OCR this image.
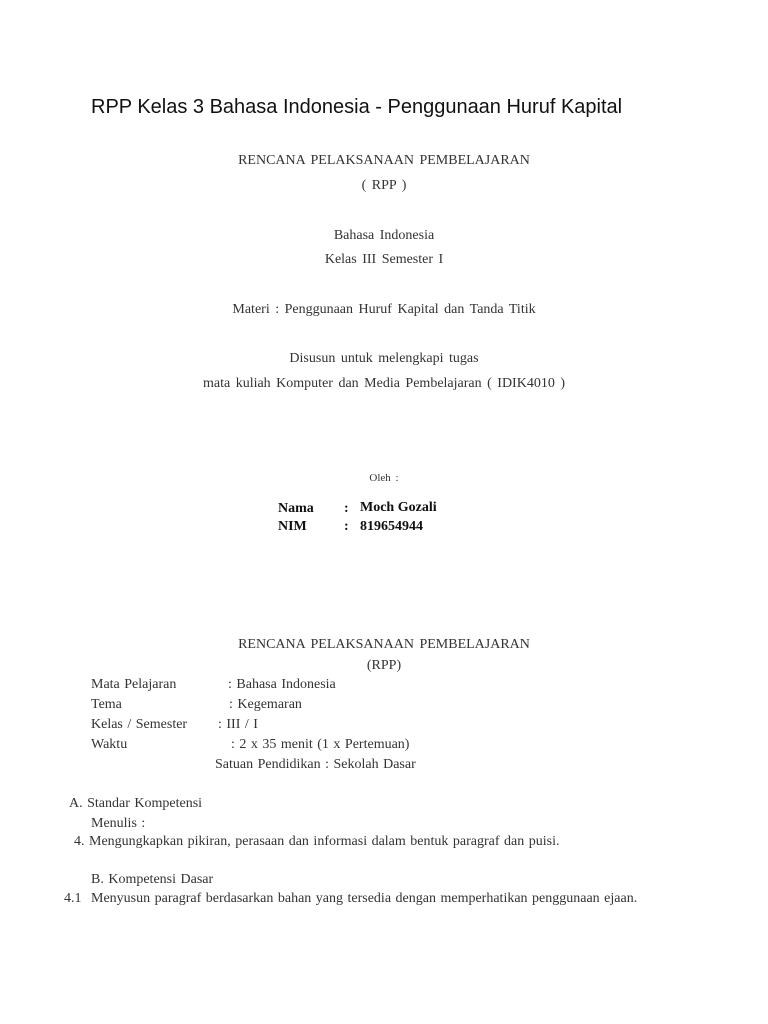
RPP Kelas 3 Bahasa Indonesia - Penggunaan Huruf Kapital
RENCANA PELAKSANAAN PEMBELAJARAN
( RPP )
Bahasa Indonesia
Kelas III Semester I
Materi : Penggunaan Huruf Kapital dan Tanda Titik
Disusun untuk melengkapi tugas
mata kuliah Komputer dan Media Pembelajaran ( IDIK4010 )
Oleh :
Nama : Moch Gozali
NIM	: 819654944
RENCANA PELAKSANAAN PEMBELAJARAN
(RPP)
Mata Pelajaran	: Bahasa Indonesia
Tema	: Kegemaran
Kelas / Semester : III / I
Waktu	: 2 x 35 menit (1 x Pertemuan)
Satuan Pendidikan : Sekolah Dasar
A. Standar Kompetensi
Menulis :
4. Mengungkapkan pikiran, perasaan dan informasi dalam bentuk paragraf dan puisi.
B. Kompetensi Dasar
4.1 Menyusun paragraf berdasarkan bahan yang tersedia dengan memperhatikan penggunaan ejaan.
